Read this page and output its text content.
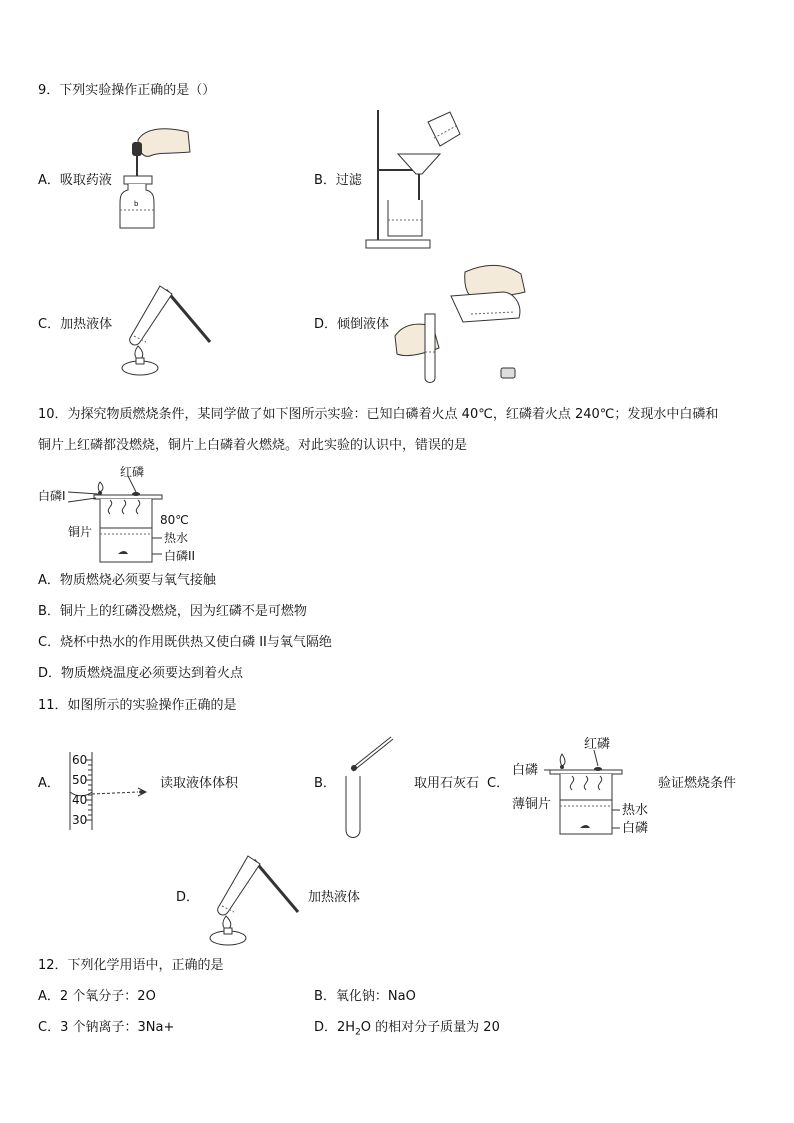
9．下列实验操作正确的是（）
b
A．吸取药液	B．过滤
C．加热液体	D．倾倒液体
10．为探究物质燃烧条件，某同学做了如下图所示实验：已知白磷着火点 40℃，红磷着火点 240℃；发现水中白磷和
铜片上红磷都没燃烧，铜片上白磷着火燃烧。对此实验的认识中，错误的是
红磷
白磷Ⅰ
铜片
80℃
热水
白磷ⅠI
A．物质燃烧必须要与氧气接触
B．铜片上的红磷没燃烧，因为红磷不是可燃物
C．烧杯中热水的作用既供热又使白磷 II与氧气隔绝
D．物质燃烧温度必须要达到着火点
11．如图所示的实验操作正确的是
A．
60
50
40
30
读取液体体积	B．	取用石灰石 C．
红磷
白磷
薄铜片	热水
白磷
验证燃烧条件
D．	加热液体
12．下列化学用语中，正确的是
A．2 个氧分子：2O	B．氧化钠：NaO
C．3 个钠离子：3Na+	D．$2H_2O$ 的相对分子质量为 20
